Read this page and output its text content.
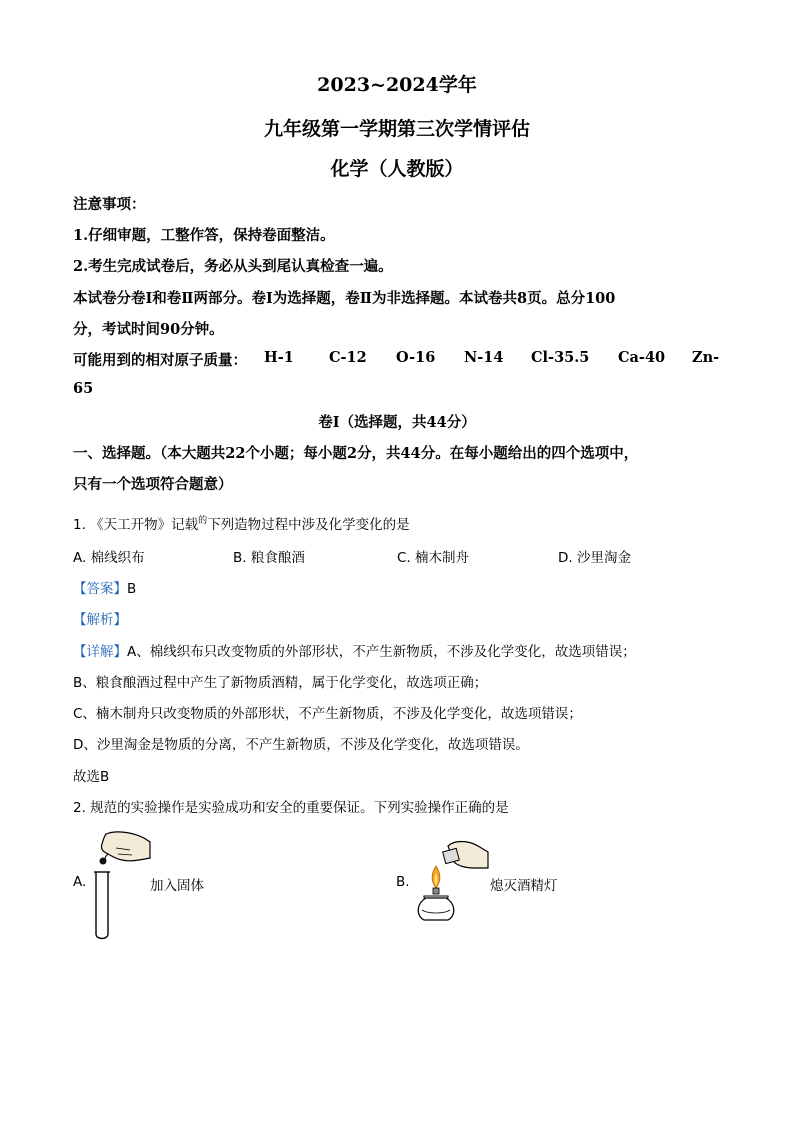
2023~2024学年
九年级第一学期第三次学情评估
化学（人教版）
注意事项：
1.仔细审题，工整作答，保持卷面整洁。
2.考生完成试卷后，务必从头到尾认真检查一遍。
本试卷分卷Ⅰ和卷Ⅱ两部分。卷Ⅰ为选择题，卷Ⅱ为非选择题。本试卷共8页。总分100
分，考试时间90分钟。
可能用到的相对原子质量： H-1 C-12 O-16 N-14 Cl-35.5 Ca-40 Zn-
65
卷Ⅰ（选择题，共44分）
一、选择题。（本大题共22个小题；每小题2分，共44分。在每小题给出的四个选项中，
只有一个选项符合题意）
1. 《天工开物》记载$^的$下列造物过程中涉及化学变化的是
A. 棉线织布	B. 粮食酿酒	C. 楠木制舟	D. 沙里淘金
【答案】B
【解析】
【详解】A、棉线织布只改变物质的外部形状，不产生新物质，不涉及化学变化，故选项错误；
B、粮食酿酒过程中产生了新物质酒精，属于化学变化，故选项正确；
C、楠木制舟只改变物质的外部形状，不产生新物质，不涉及化学变化，故选项错误；
D、沙里淘金是物质的分离，不产生新物质，不涉及化学变化，故选项错误。
故选B
2. 规范的实验操作是实验成功和安全的重要保证。下列实验操作正确的是
A.	加入固体	B.	熄灭酒精灯
